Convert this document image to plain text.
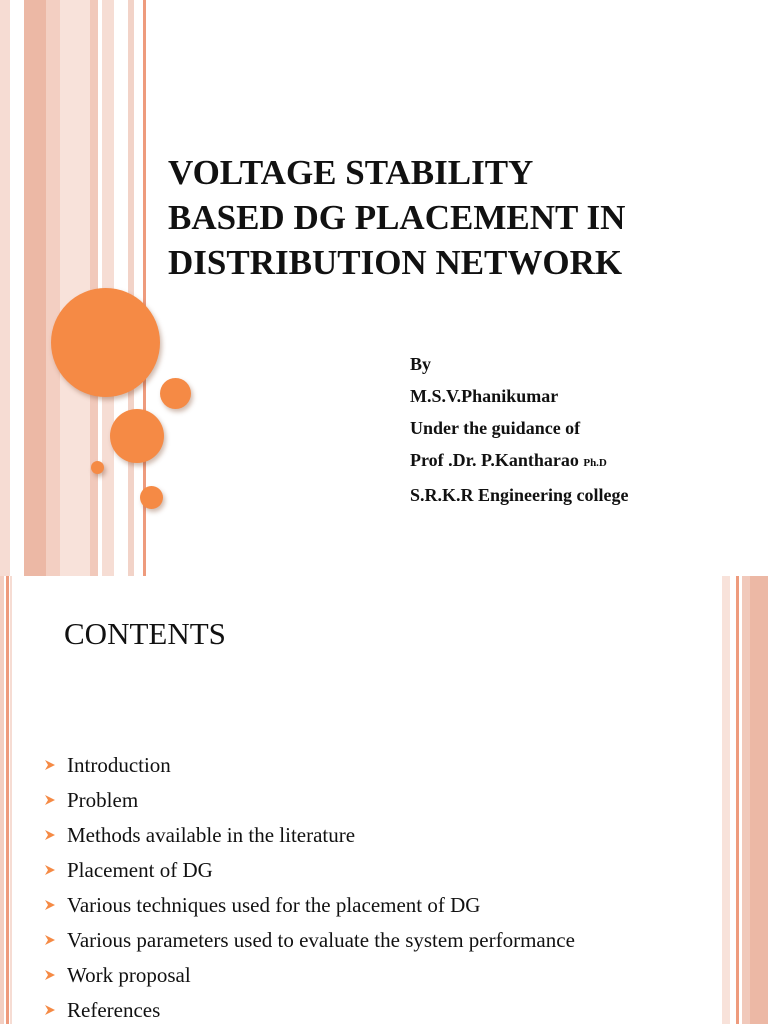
VOLTAGE STABILITY
BASED DG PLACEMENT IN
DISTRIBUTION NETWORK
By
M.S.V.Phanikumar
Under the guidance of
Prof .Dr. P.Kantharao Ph.D
S.R.K.R Engineering college
CONTENTS
Introduction
Problem
Methods available in the literature
Placement of DG
Various techniques used for the placement of DG
Various parameters used to evaluate the system performance
Work proposal
References
